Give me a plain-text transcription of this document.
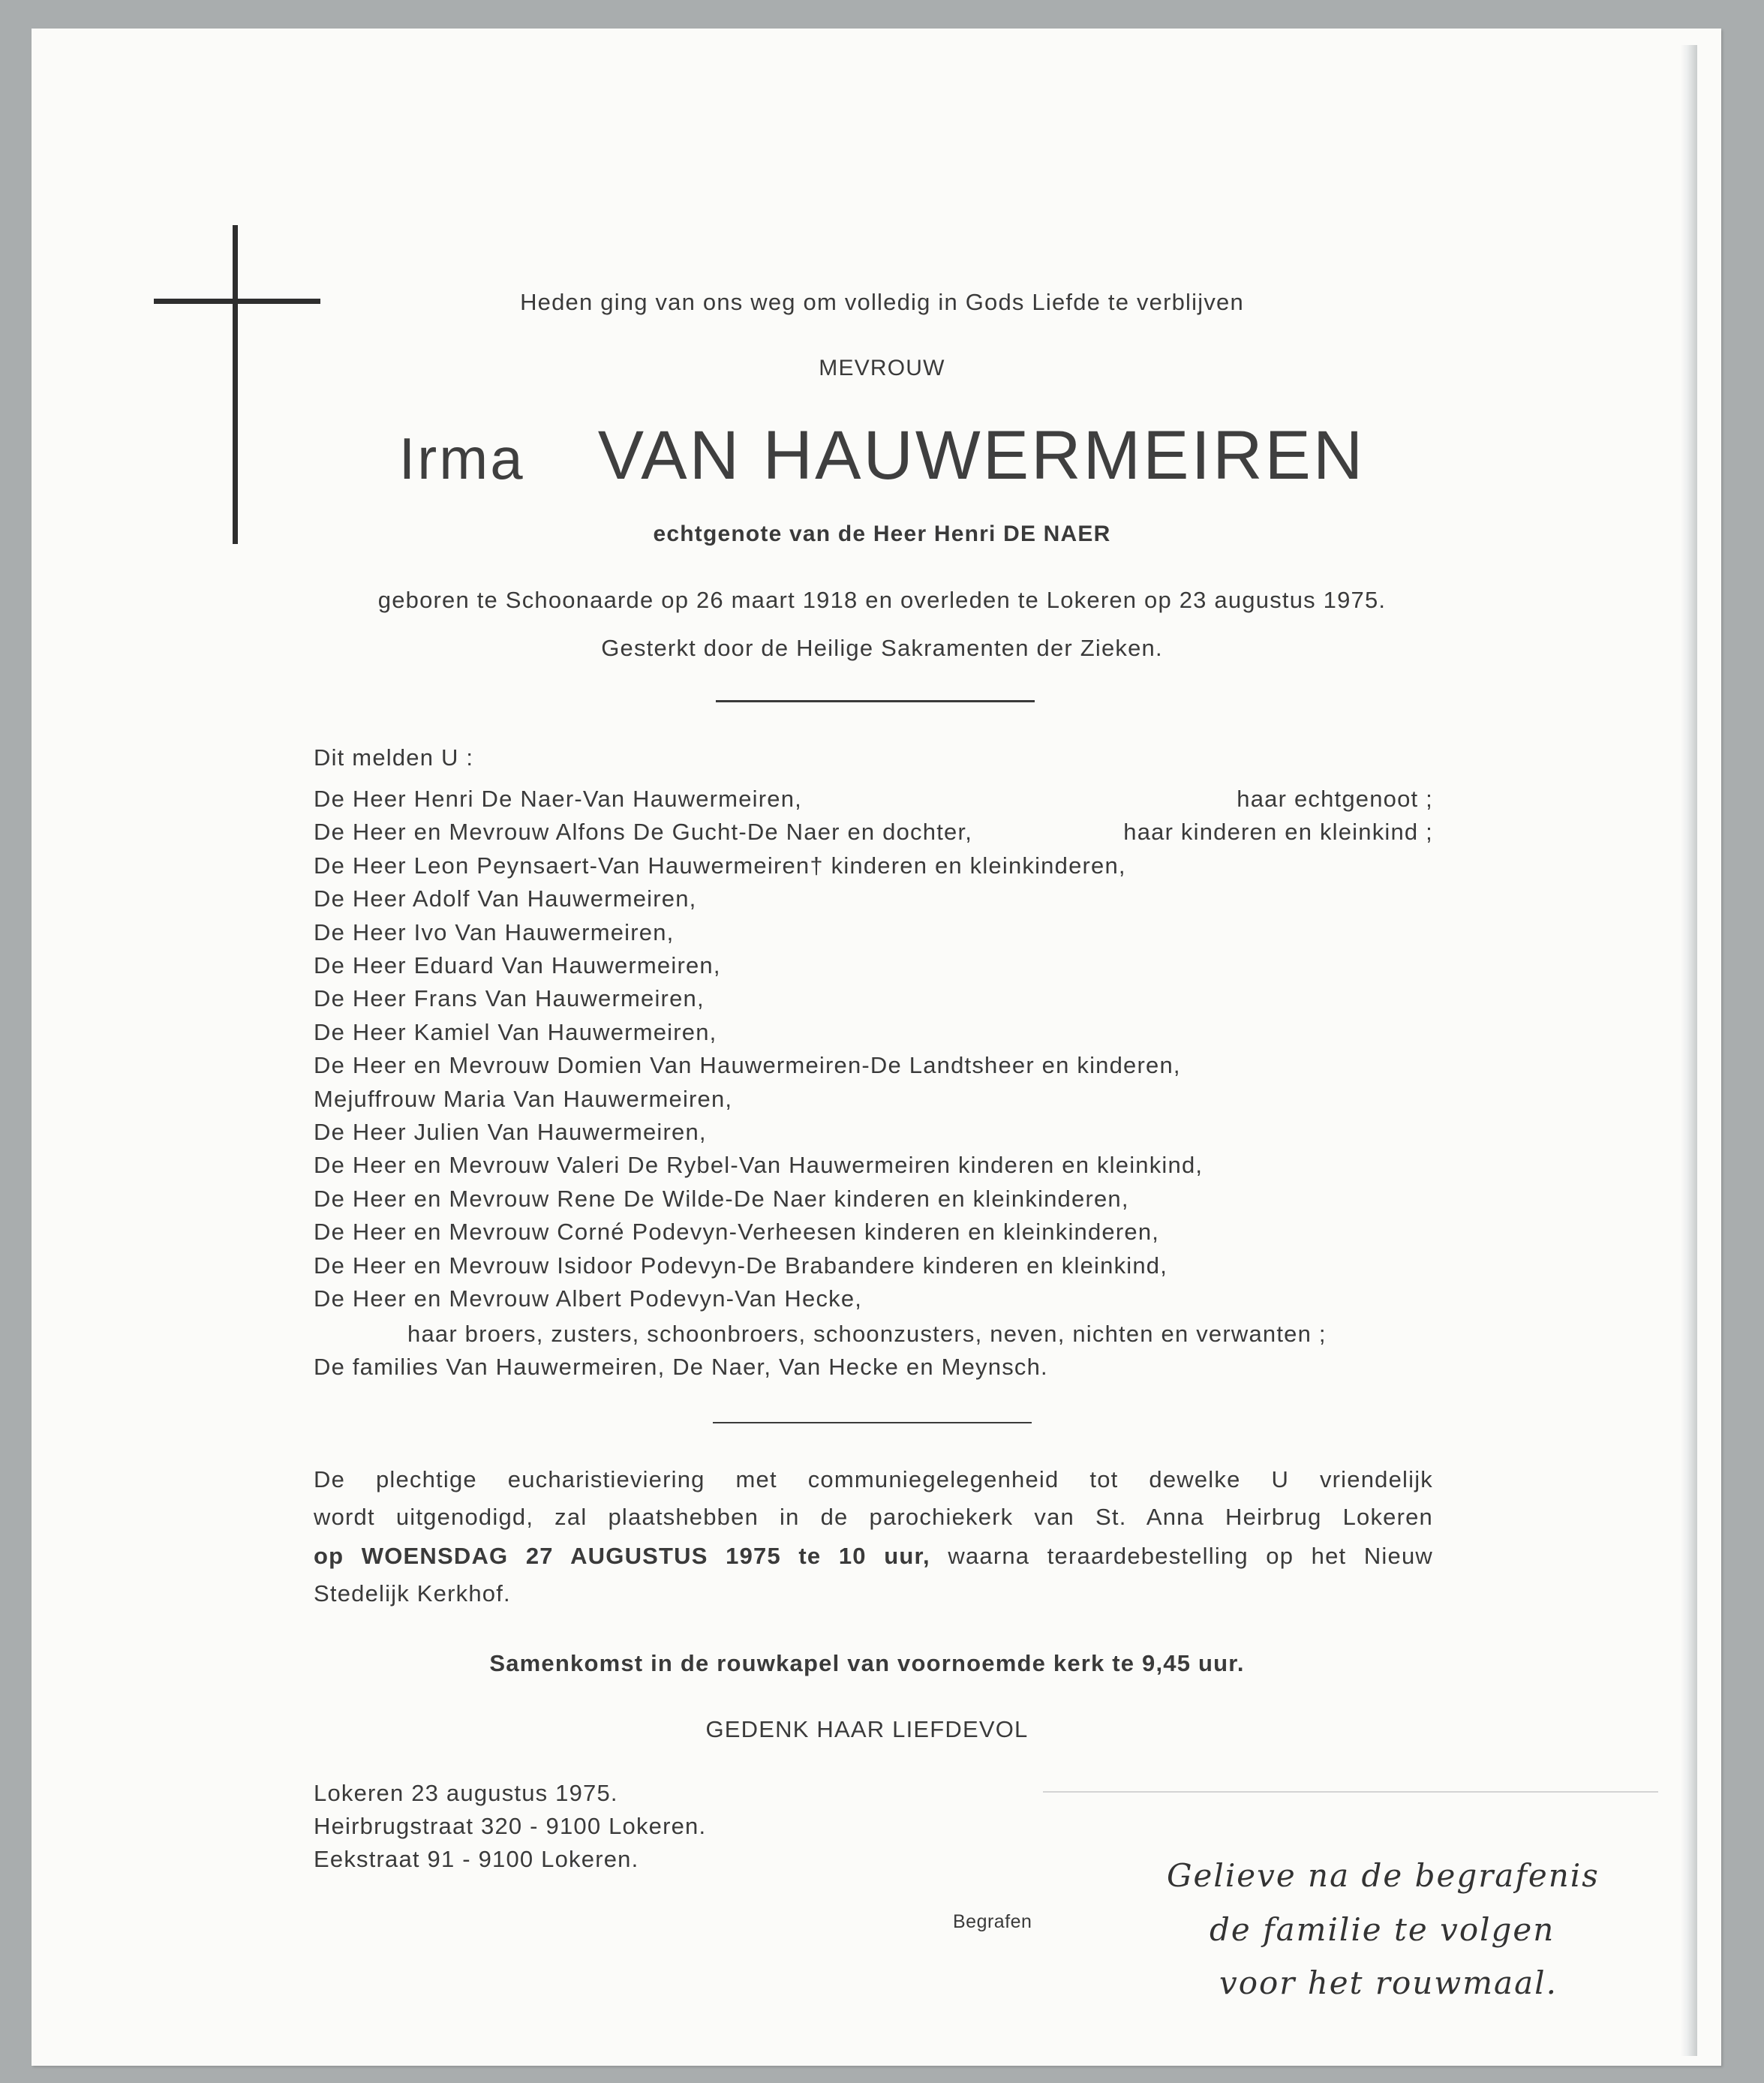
Heden ging van ons weg om volledig in Gods Liefde te verblijven
MEVROUW
Irma VAN HAUWERMEIREN
echtgenote van de Heer Henri DE NAER
geboren te Schoonaarde op 26 maart 1918 en overleden te Lokeren op 23 augustus 1975.
Gesterkt door de Heilige Sakramenten der Zieken.
Dit melden U :
De Heer Henri De Naer-Van Hauwermeiren,	haar echtgenoot ;
De Heer en Mevrouw Alfons De Gucht-De Naer en dochter,	haar kinderen en kleinkind ;
De Heer Leon Peynsaert-Van Hauwermeiren† kinderen en kleinkinderen,
De Heer Adolf Van Hauwermeiren,
De Heer Ivo Van Hauwermeiren,
De Heer Eduard Van Hauwermeiren,
De Heer Frans Van Hauwermeiren,
De Heer Kamiel Van Hauwermeiren,
De Heer en Mevrouw Domien Van Hauwermeiren-De Landtsheer en kinderen,
Mejuffrouw Maria Van Hauwermeiren,
De Heer Julien Van Hauwermeiren,
De Heer en Mevrouw Valeri De Rybel-Van Hauwermeiren kinderen en kleinkind,
De Heer en Mevrouw Rene De Wilde-De Naer kinderen en kleinkinderen,
De Heer en Mevrouw Corné Podevyn-Verheesen kinderen en kleinkinderen,
De Heer en Mevrouw Isidoor Podevyn-De Brabandere kinderen en kleinkind,
De Heer en Mevrouw Albert Podevyn-Van Hecke,
haar broers, zusters, schoonbroers, schoonzusters, neven, nichten en verwanten ;
De families Van Hauwermeiren, De Naer, Van Hecke en Meynsch.
De plechtige eucharistieviering met communiegelegenheid tot dewelke U vriendelijk
wordt uitgenodigd, zal plaatshebben in de parochiekerk van St. Anna Heirbrug Lokeren
op WOENSDAG 27 AUGUSTUS 1975 te 10 uur, waarna teraardebestelling op het Nieuw
Stedelijk Kerkhof.
Samenkomst in de rouwkapel van voornoemde kerk te 9,45 uur.
GEDENK HAAR LIEFDEVOL
Lokeren 23 augustus 1975.
Heirbrugstraat 320 - 9100 Lokeren.
Eekstraat 91 - 9100 Lokeren.
Begrafen
Gelieve na de begrafenis
de familie te volgen
voor het rouwmaal.
